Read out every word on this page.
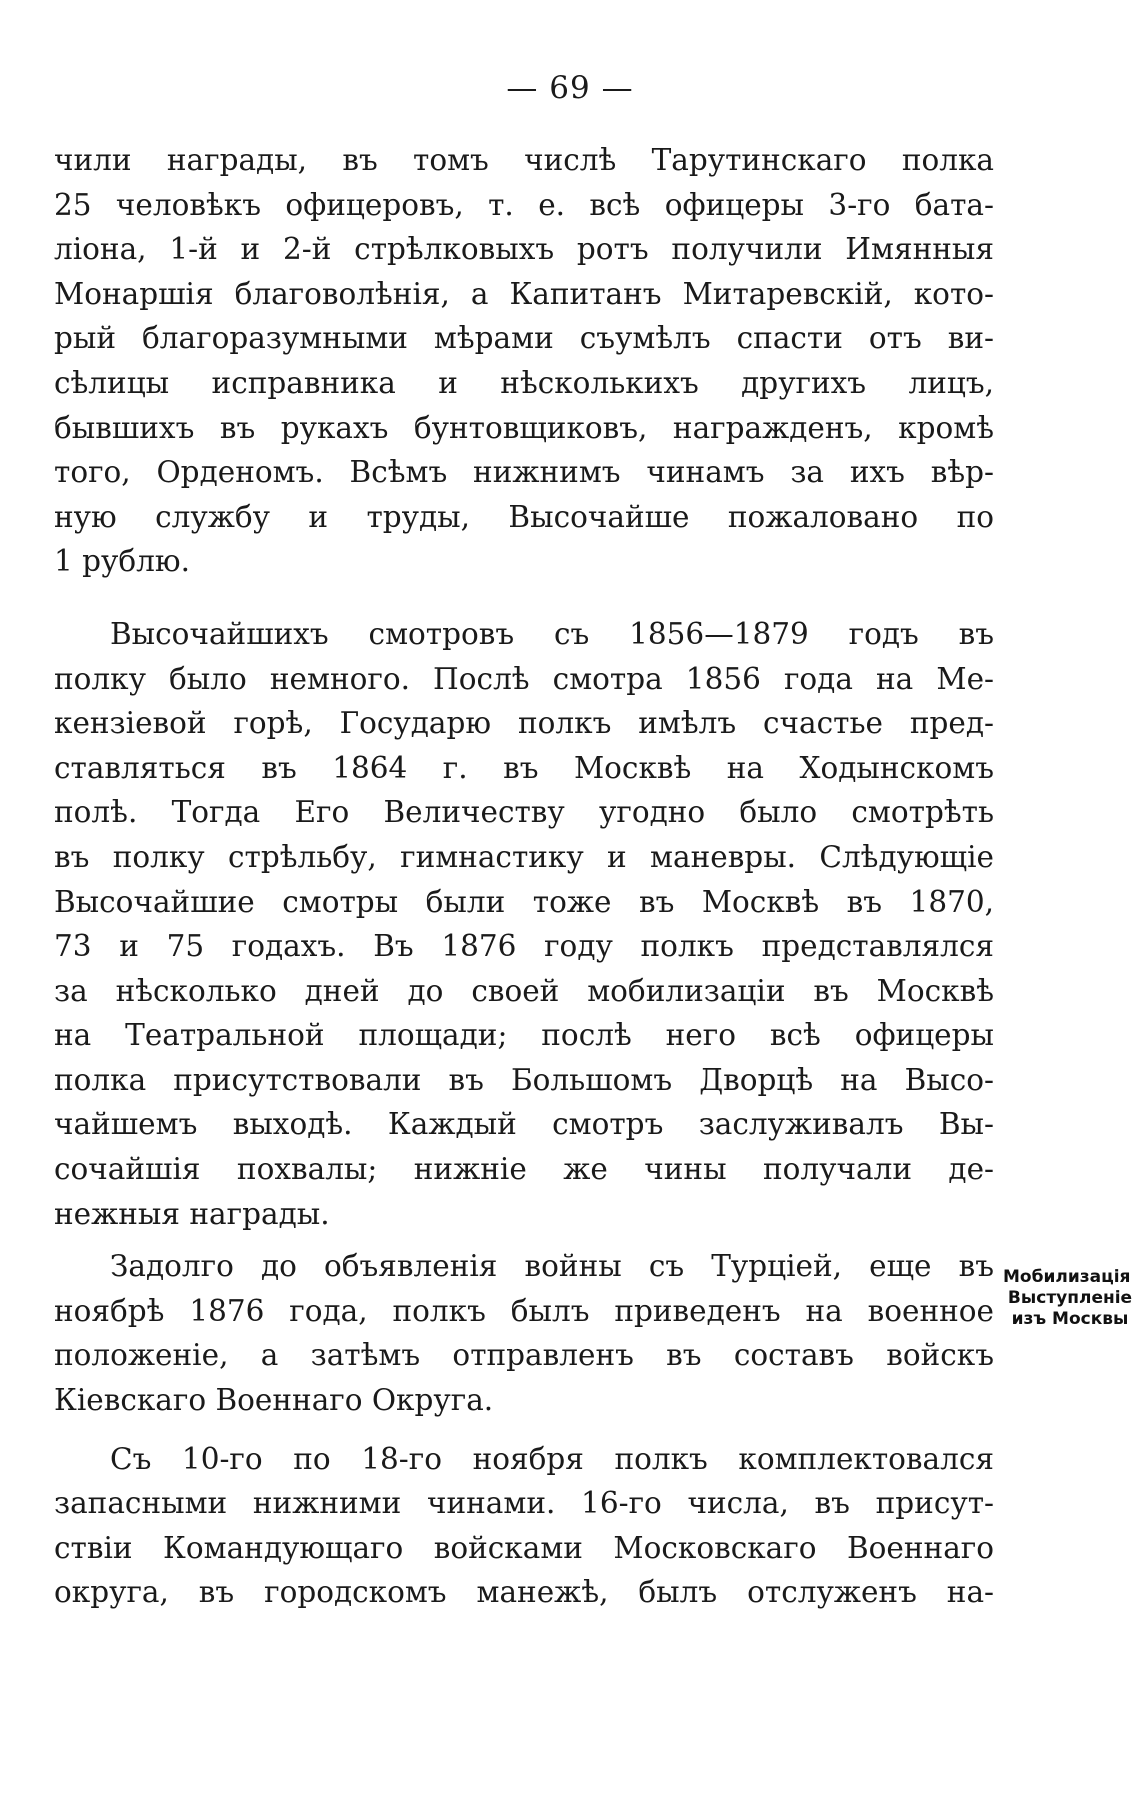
— 69 —
чили награды, въ томъ числѣ Тарутинскаго полка
25 человѣкъ офицеровъ, т. е. всѣ офицеры 3-го бата-
ліона, 1-й и 2-й стрѣлковыхъ ротъ получили Имянныя
Монаршія благоволѣнія, а Капитанъ Митаревскій, кото-
рый благоразумными мѣрами съумѣлъ спасти отъ ви-
сѣлицы исправника и нѣсколькихъ другихъ лицъ,
бывшихъ въ рукахъ бунтовщиковъ, награжденъ, кромѣ
того, Орденомъ. Всѣмъ нижнимъ чинамъ за ихъ вѣр-
ную службу и труды, Высочайше пожаловано по
1 рублю.
Высочайшихъ смотровъ съ 1856—1879 годъ въ
полку было немного. Послѣ смотра 1856 года на Ме-
кензіевой горѣ, Государю полкъ имѣлъ счастье пред-
ставляться въ 1864 г. въ Москвѣ на Ходынскомъ
полѣ. Тогда Его Величеству угодно было смотрѣть
въ полку стрѣльбу, гимнастику и маневры. Слѣдующіе
Высочайшие смотры были тоже въ Москвѣ въ 1870,
73 и 75 годахъ. Въ 1876 году полкъ представлялся
за нѣсколько дней до своей мобилизаціи въ Москвѣ
на Театральной площади; послѣ него всѣ офицеры
полка присутствовали въ Большомъ Дворцѣ на Высо-
чайшемъ выходѣ. Каждый смотръ заслуживалъ Вы-
сочайшія похвалы; нижніе же чины получали де-
нежныя награды.
Задолго до объявленія войны съ Турціей, еще въ
ноябрѣ 1876 года, полкъ былъ приведенъ на военное
положеніе, а затѣмъ отправленъ въ составъ войскъ
Кіевскаго Военнаго Округа.
Съ 10-го по 18-го ноября полкъ комплектовался
запасными нижними чинами. 16-го числа, въ присут-
ствіи Командующаго войсками Московскаго Военнаго
округа, въ городскомъ манежѣ, былъ отслуженъ на-
Мобилизація
Выступленіе
изъ Москвы
